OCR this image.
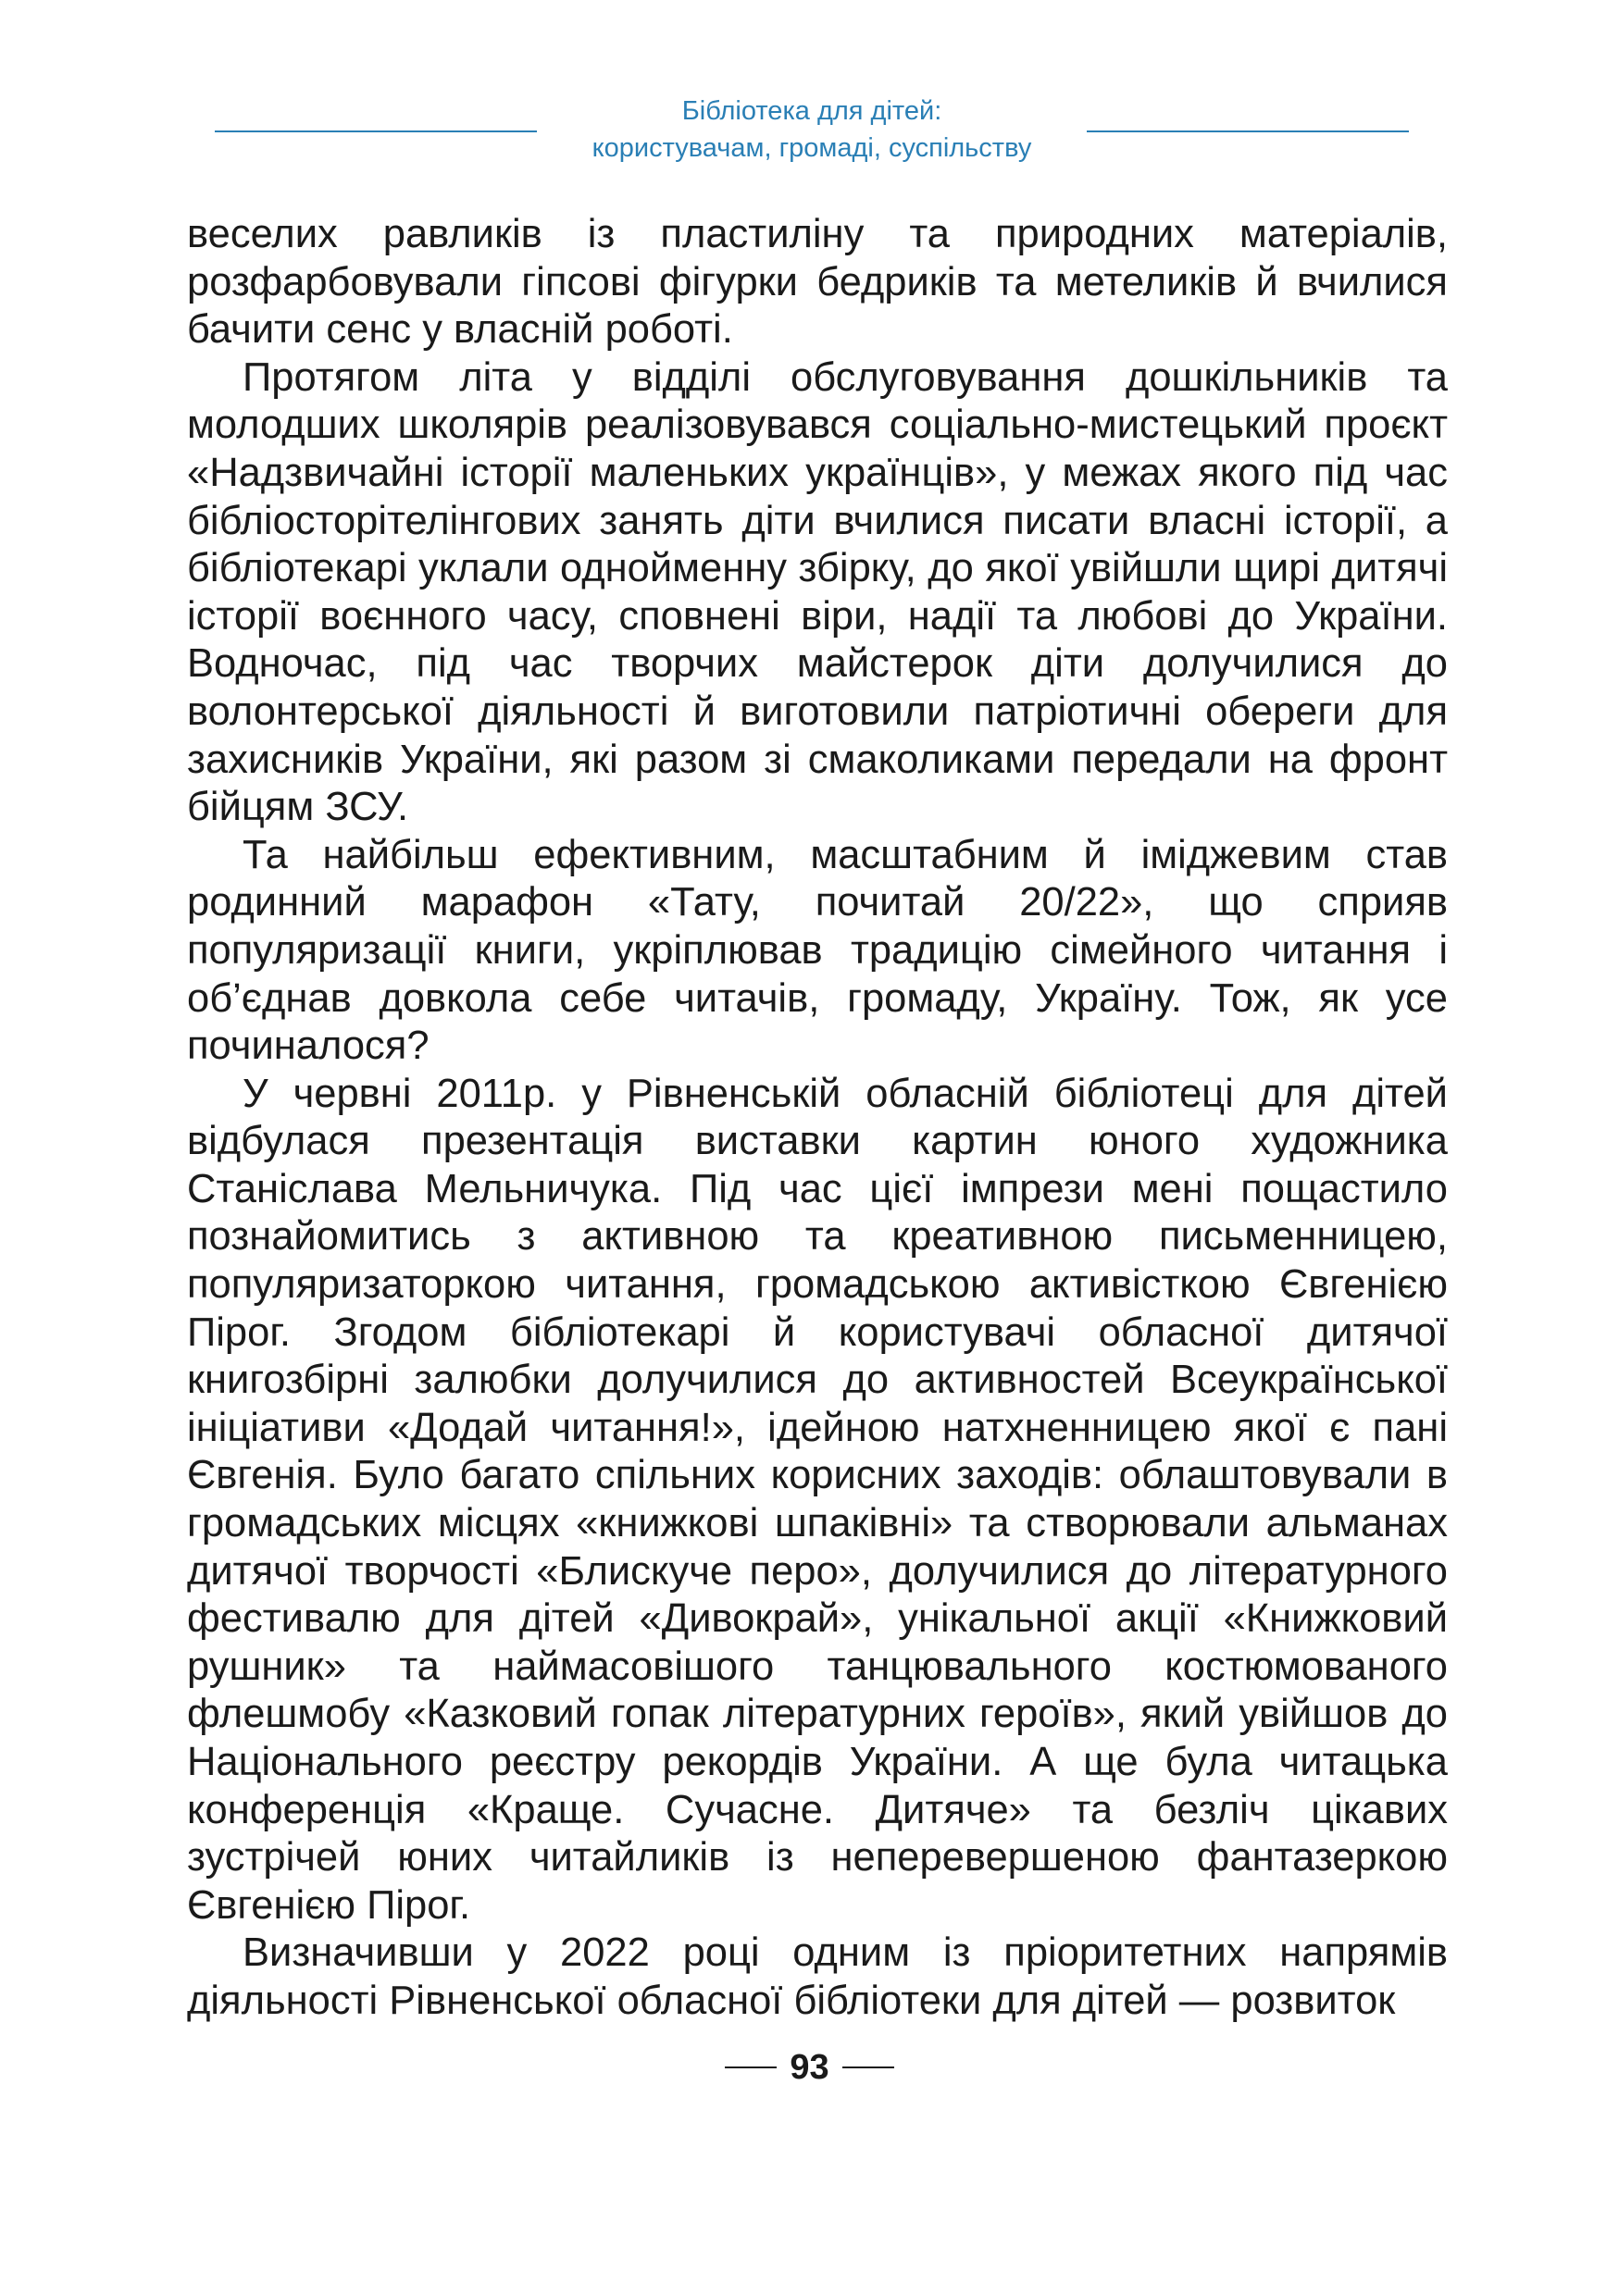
Бібліотека для дітей:
користувачам, громаді, суспільству

веселих равликів із пластиліну та природних матеріалів, розфарбовували гіпсові фігурки бедриків та метеликів й вчилися бачити сенс у власній роботі.

Протягом літа у відділі обслуговування дошкільників та молодших школярів реалізовувався соціально-мистецький проєкт «Надзвичайні історії маленьких українців», у межах якого під час бібліосторітелінгових занять діти вчилися писати власні історії, а бібліотекарі уклали однойменну збірку, до якої увійшли щирі дитячі історії воєнного часу, сповнені віри, надії та любові до України. Водночас, під час творчих майстерок діти долучилися до волонтерської діяльності й виготовили патріотичні обереги для захисників України, які разом зі смаколиками передали на фронт бійцям ЗСУ.

Та найбільш ефективним, масштабним й іміджевим став родинний марафон «Тату, почитай 20/22», що сприяв популяризації книги, укріплював традицію сімейного читання і об’єднав довкола себе читачів, громаду, Україну. Тож, як усе починалося?

У червні 2011р. у Рівненській обласній бібліотеці для дітей відбулася презентація виставки картин юного художника Станіслава Мельничука. Під час цієї імпрези мені пощастило познайомитись з активною та креативною письменницею, популяризаторкою читання, громадською активісткою Євгенією Пірог. Згодом бібліотекарі й користувачі обласної дитячої книгозбірні залюбки долучилися до активностей Всеукраїнської ініціативи «Додай читання!», ідейною натхненницею якої є пані Євгенія. Було багато спільних корисних заходів: облаштовували в громадських місцях «книжкові шпаківні» та створювали альманах дитячої творчості «Блискуче перо», долучилися до літературного фестивалю для дітей «Дивокрай», унікальної акції «Книжковий рушник» та наймасовішого танцювального костюмованого флешмобу «Казковий гопак літературних героїв», який увійшов до Національного реєстру рекордів України. А ще була читацька конференція «Краще. Сучасне. Дитяче» та безліч цікавих зустрічей юних читайликів із неперевершеною фантазеркою Євгенією Пірог.

Визначивши у 2022 році одним із пріоритетних напрямів діяльності Рівненської обласної бібліотеки для дітей — розвиток

93
